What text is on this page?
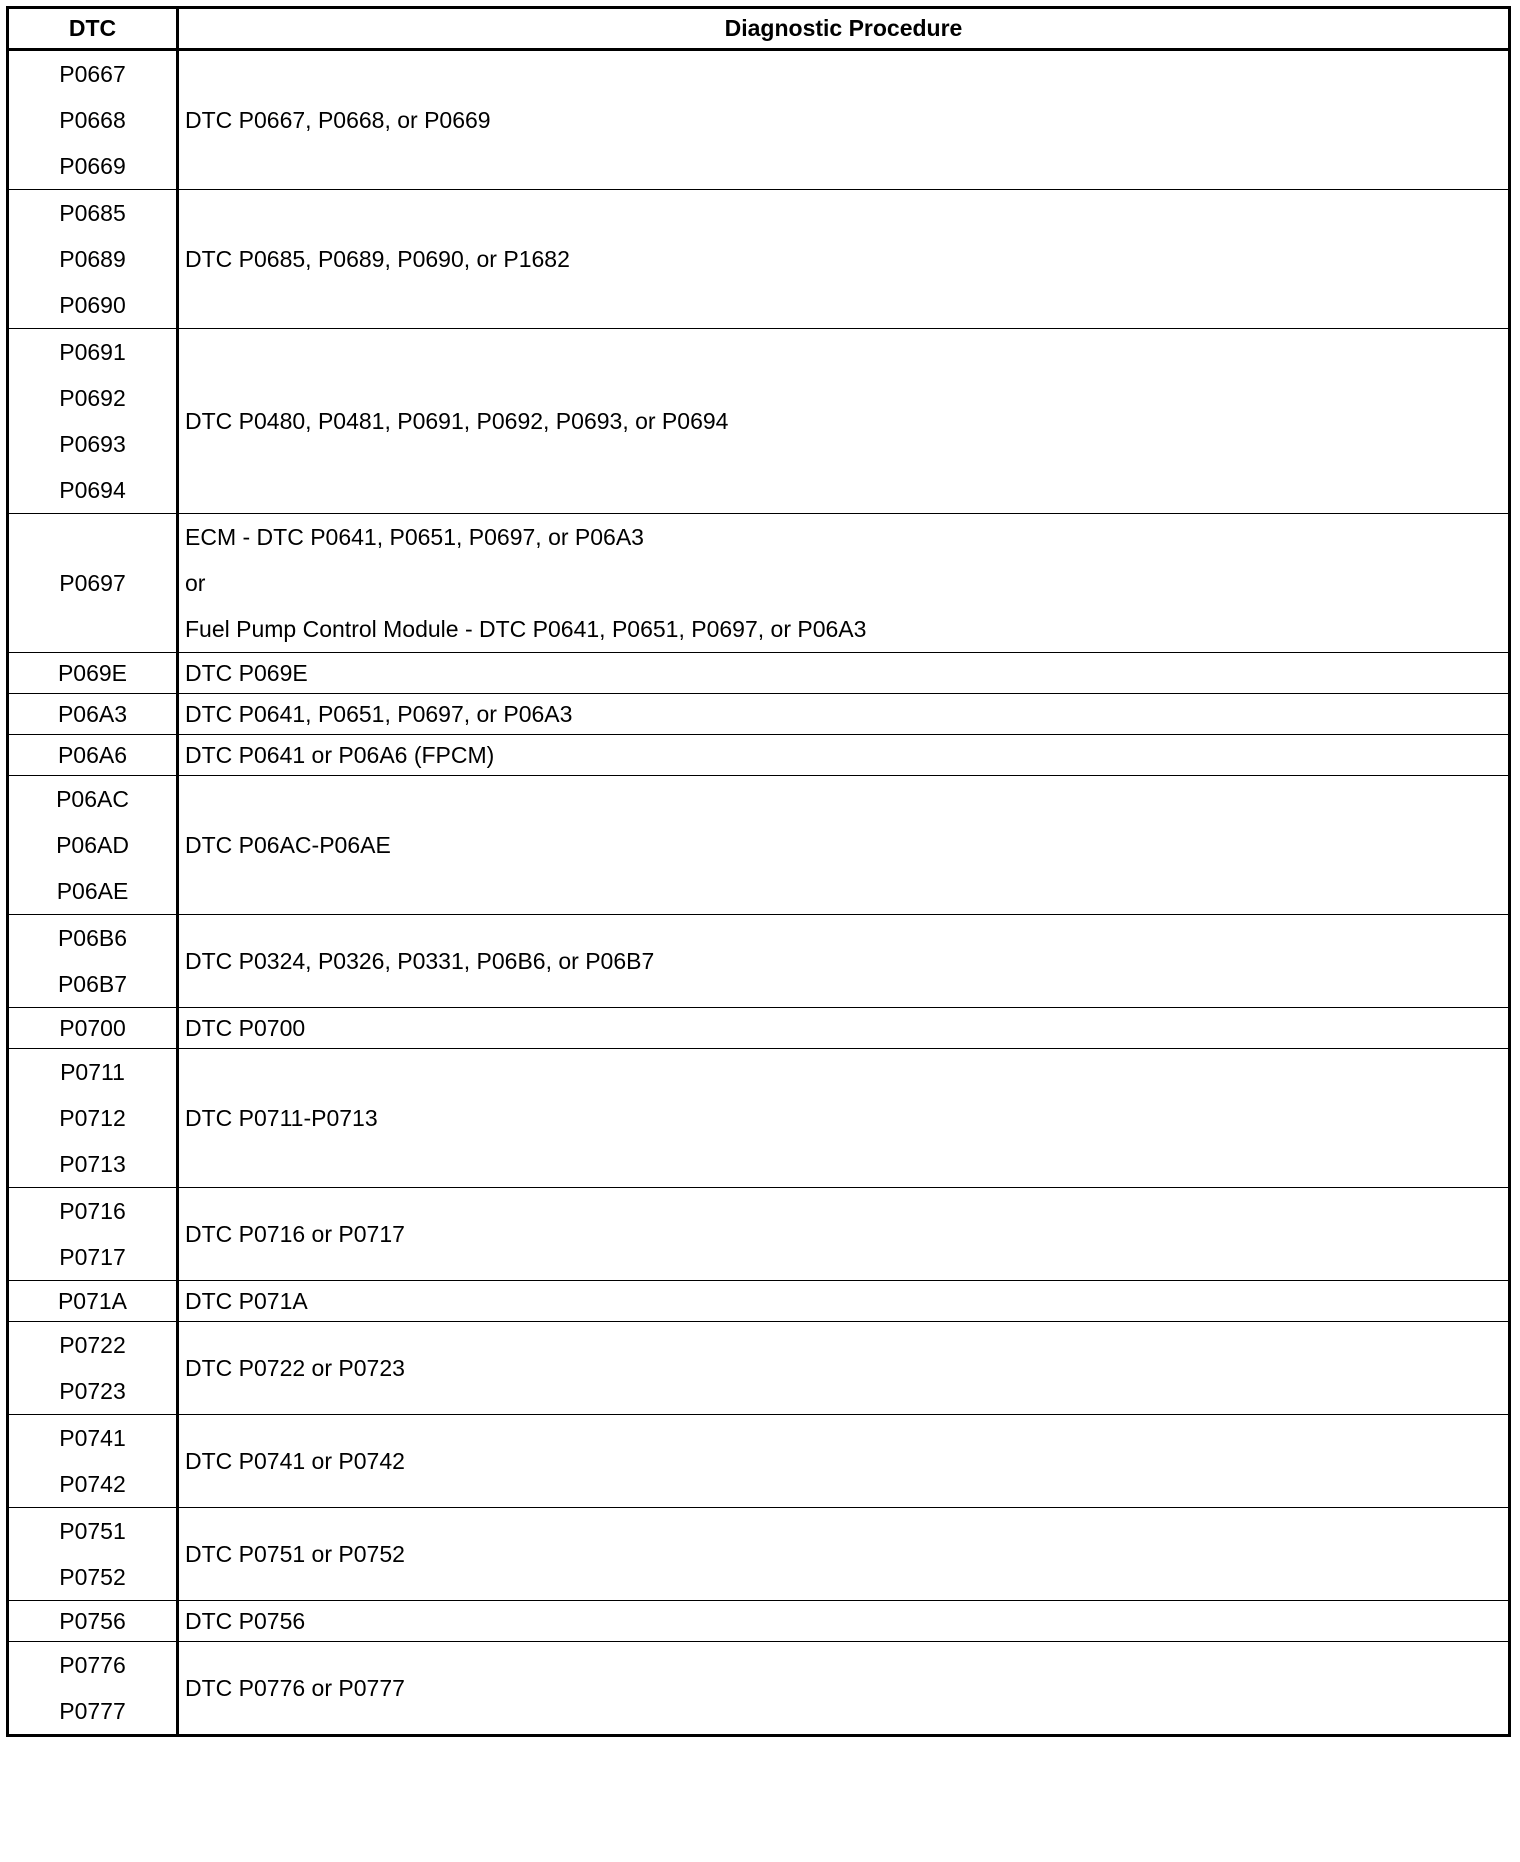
DTC	Diagnostic Procedure

P0667
P0668
P0669	DTC P0667, P0668, or P0669

P0685
P0689
P0690	DTC P0685, P0689, P0690, or P1682

P0691
P0692
P0693
P0694	DTC P0480, P0481, P0691, P0692, P0693, or P0694

P0697	ECM - DTC P0641, P0651, P0697, or P06A3
or
Fuel Pump Control Module - DTC P0641, P0651, P0697, or P06A3

P069E	DTC P069E

P06A3	DTC P0641, P0651, P0697, or P06A3

P06A6	DTC P0641 or P06A6 (FPCM)

P06AC
P06AD
P06AE	DTC P06AC-P06AE

P06B6
P06B7	DTC P0324, P0326, P0331, P06B6, or P06B7

P0700	DTC P0700

P0711
P0712
P0713	DTC P0711-P0713

P0716
P0717	DTC P0716 or P0717

P071A	DTC P071A

P0722
P0723	DTC P0722 or P0723

P0741
P0742	DTC P0741 or P0742

P0751
P0752	DTC P0751 or P0752

P0756	DTC P0756

P0776
P0777	DTC P0776 or P0777
